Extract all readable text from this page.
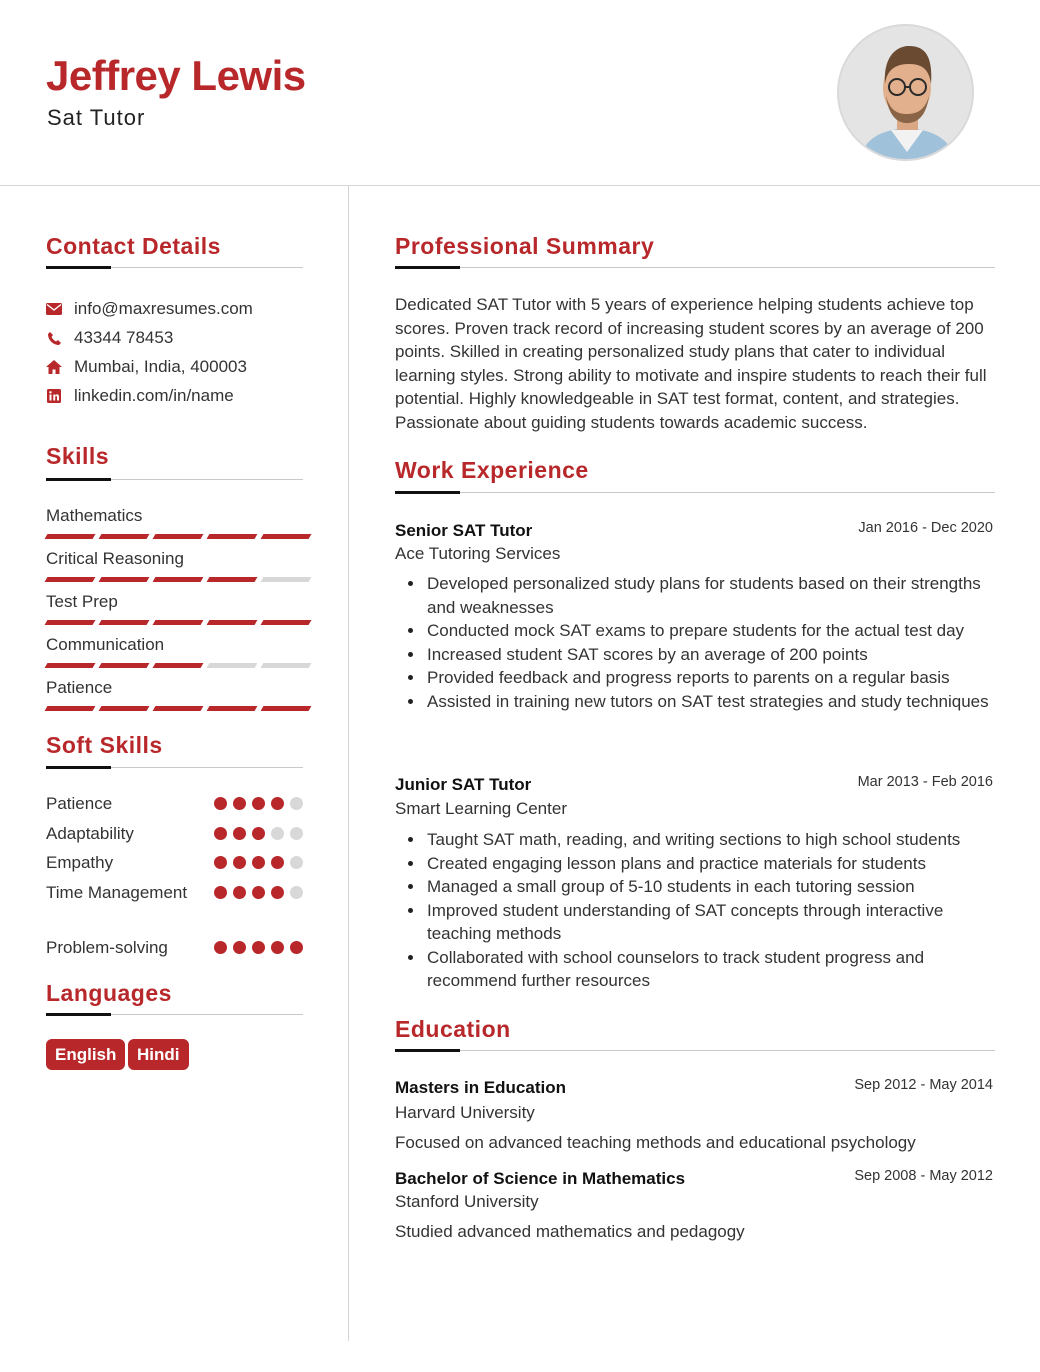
Jeffrey Lewis
Sat Tutor
Contact Details
info@maxresumes.com
43344 78453
Mumbai, India, 400003
linkedin.com/in/name
Skills
Mathematics
Critical Reasoning
Test Prep
Communication
Patience
Soft Skills
Patience
Adaptability
Empathy
Time Management
Problem-solving
Languages
English	Hindi
Professional Summary
Dedicated SAT Tutor with 5 years of experience helping students achieve top scores. Proven track record of increasing student scores by an average of 200 points. Skilled in creating personalized study plans that cater to individual learning styles. Strong ability to motivate and inspire students to reach their full potential. Highly knowledgeable in SAT test format, content, and strategies. Passionate about guiding students towards academic success.
Work Experience
Senior SAT Tutor	Jan 2016 - Dec 2020
Ace Tutoring Services
Developed personalized study plans for students based on their strengths and weaknesses
Conducted mock SAT exams to prepare students for the actual test day
Increased student SAT scores by an average of 200 points
Provided feedback and progress reports to parents on a regular basis
Assisted in training new tutors on SAT test strategies and study techniques
Junior SAT Tutor	Mar 2013 - Feb 2016
Smart Learning Center
Taught SAT math, reading, and writing sections to high school students
Created engaging lesson plans and practice materials for students
Managed a small group of 5-10 students in each tutoring session
Improved student understanding of SAT concepts through interactive teaching methods
Collaborated with school counselors to track student progress and recommend further resources
Education
Masters in Education	Sep 2012 - May 2014
Harvard University
Focused on advanced teaching methods and educational psychology
Bachelor of Science in Mathematics	Sep 2008 - May 2012
Stanford University
Studied advanced mathematics and pedagogy
